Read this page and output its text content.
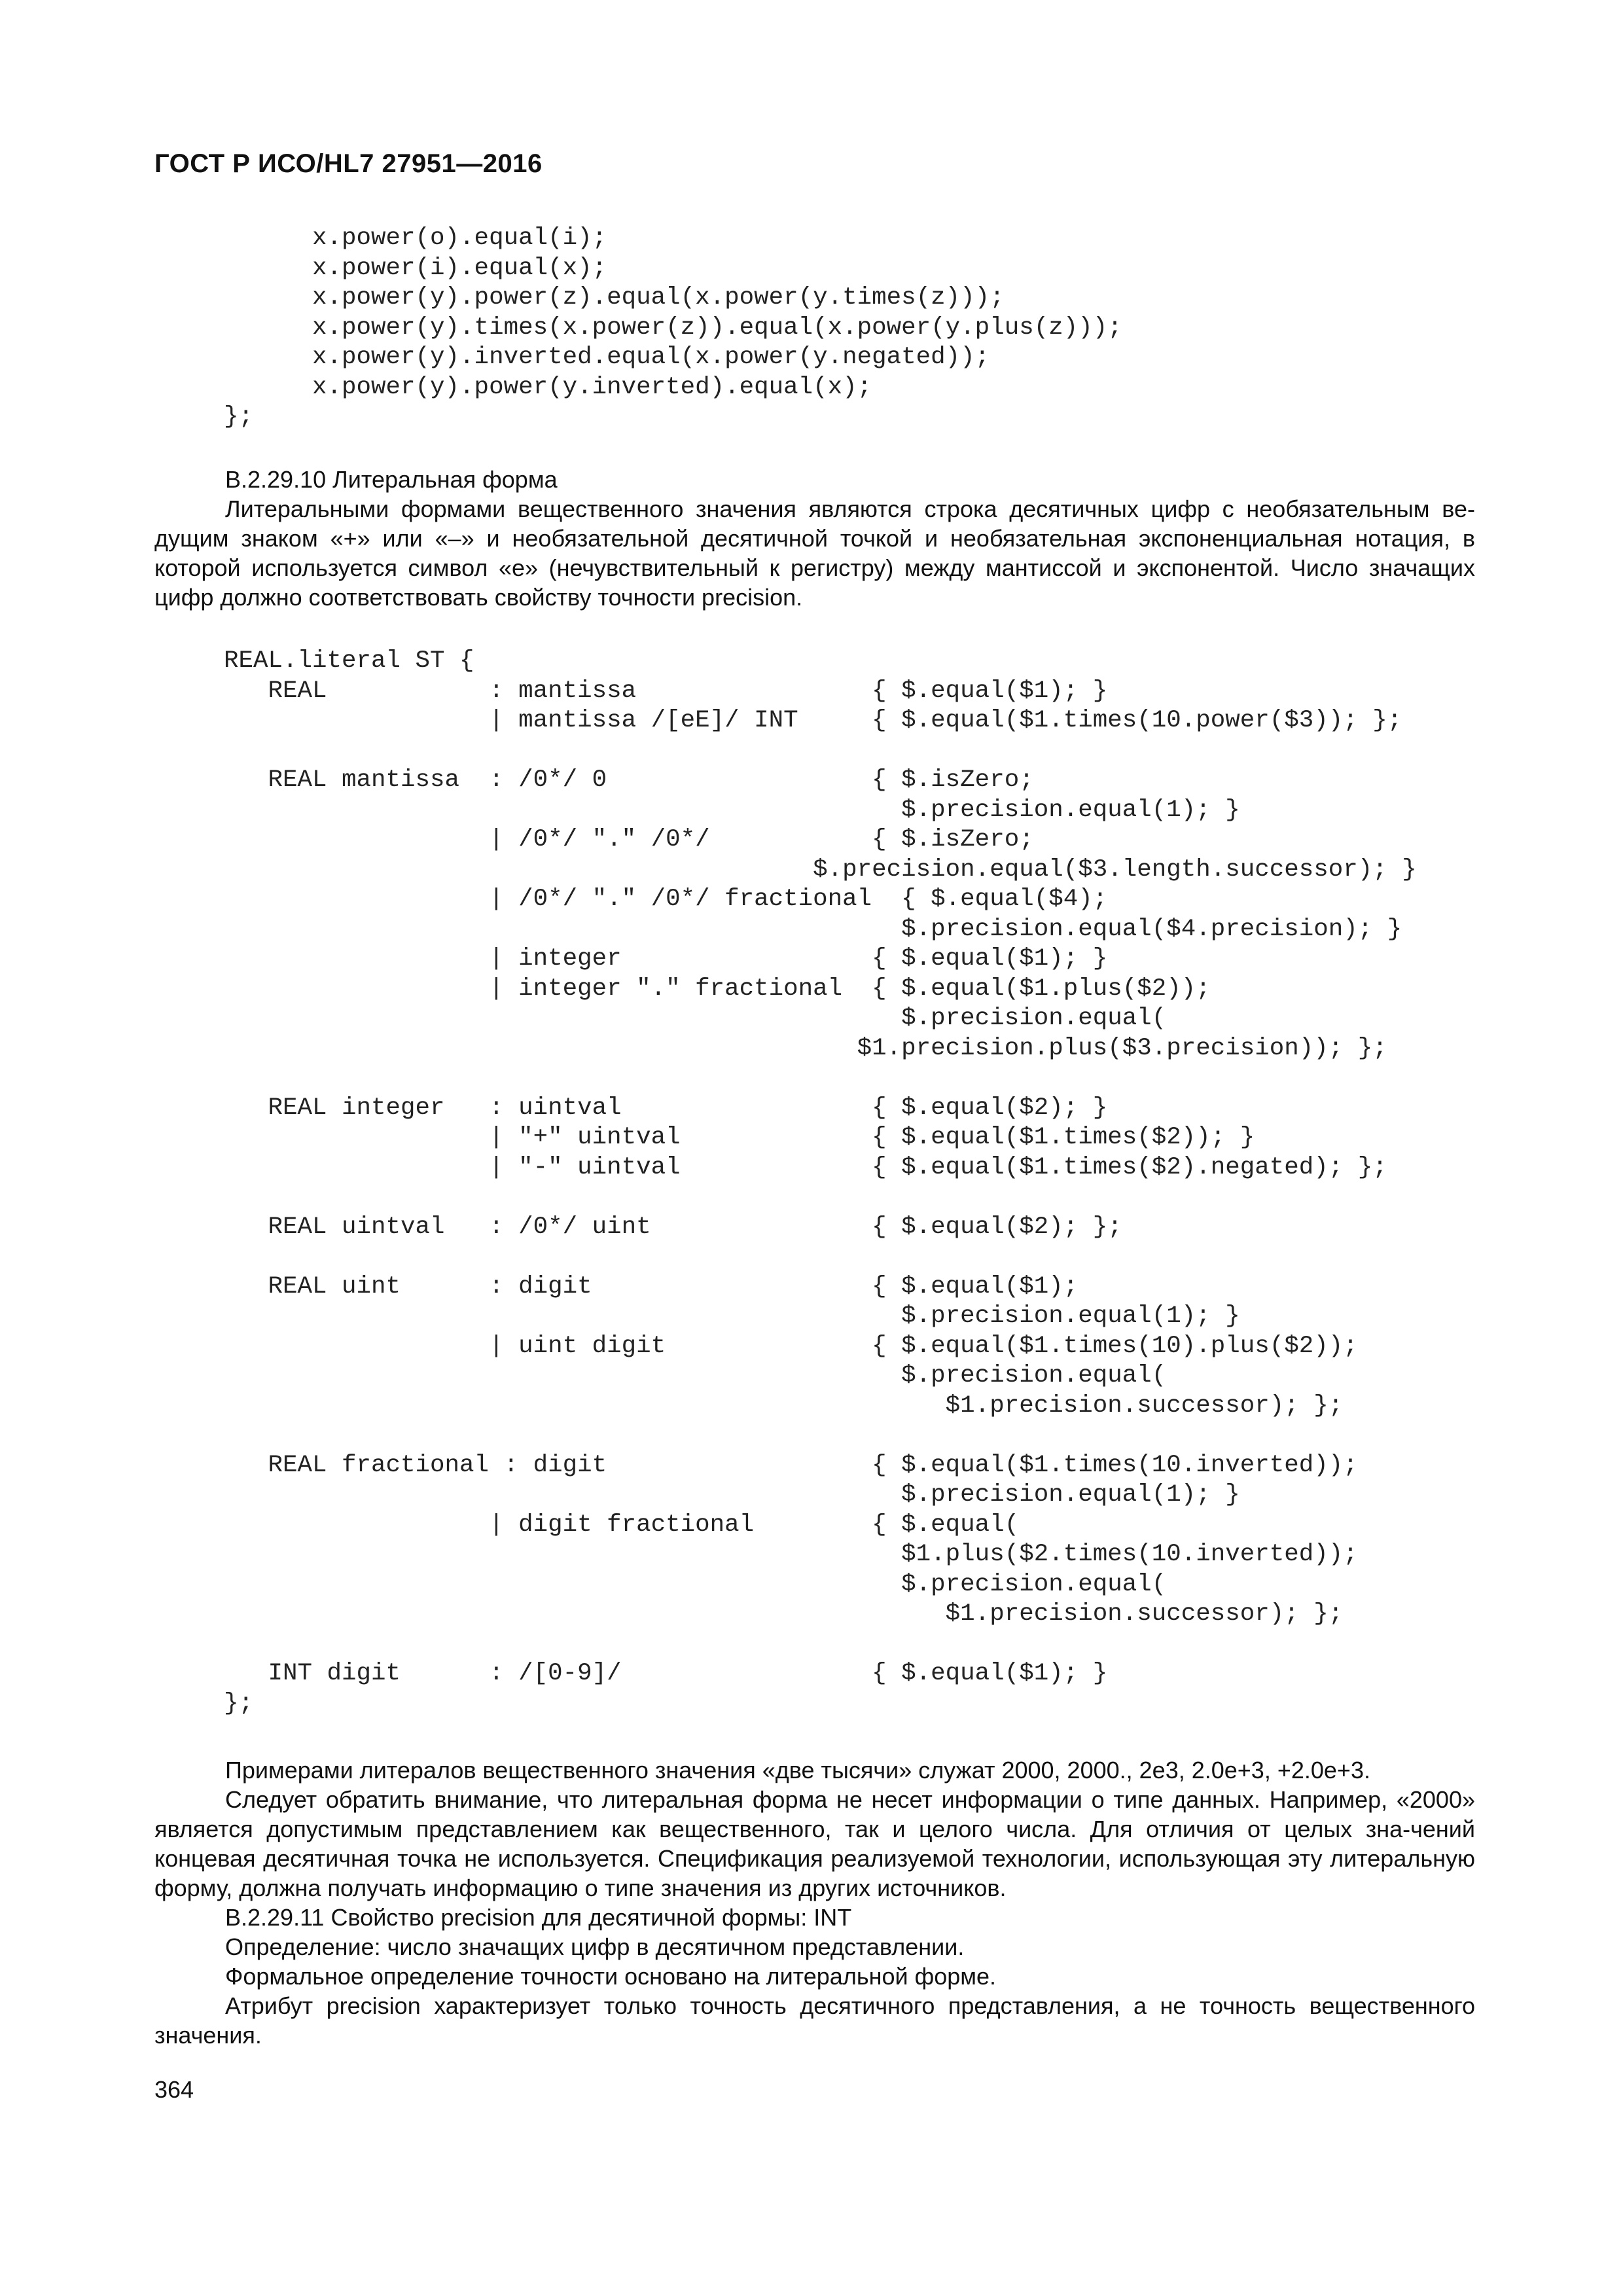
ГОСТ Р ИСО/HL7 27951—2016
x.power(o).equal(i);
x.power(i).equal(x);
x.power(y).power(z).equal(x.power(y.times(z)));
x.power(y).times(x.power(z)).equal(x.power(y.plus(z)));
x.power(y).inverted.equal(x.power(y.negated));
x.power(y).power(y.inverted).equal(x);
};

В.2.29.10 Литеральная форма

Литеральными формами вещественного значения являются строка десятичных цифр с необязательным ве-дущим знаком «+» или «–» и необязательной десятичной точкой и необязательная экспоненциальная нотация, в которой используется символ «е» (нечувствительный к регистру) между мантиссой и экспонентой. Число значащих цифр должно соответствовать свойству точности precision.

REAL.literal ST {
REAL           : mantissa                { $.equal($1); }
| mantissa /[eE]/ INT     { $.equal($1.times(10.power($3)); };

REAL mantissa  : /0*/ 0                  { $.isZero;
$.precision.equal(1); }
| /0*/ "." /0*/           { $.isZero;
$.precision.equal($3.length.successor); }
| /0*/ "." /0*/ fractional  { $.equal($4);
$.precision.equal($4.precision); }
| integer                 { $.equal($1); }
| integer "." fractional  { $.equal($1.plus($2));
$.precision.equal(
$1.precision.plus($3.precision)); };

REAL integer   : uintval                 { $.equal($2); }
| "+" uintval             { $.equal($1.times($2)); }
| "-" uintval             { $.equal($1.times($2).negated); };

REAL uintval   : /0*/ uint               { $.equal($2); };

REAL uint      : digit                   { $.equal($1);
$.precision.equal(1); }
| uint digit              { $.equal($1.times(10).plus($2));
$.precision.equal(
$1.precision.successor); };

REAL fractional : digit                  { $.equal($1.times(10.inverted));
$.precision.equal(1); }
| digit fractional        { $.equal(
$1.plus($2.times(10.inverted));
$.precision.equal(
$1.precision.successor); };

INT digit      : /[0-9]/                 { $.equal($1); }
};

Примерами литералов вещественного значения «две тысячи» служат 2000, 2000., 2e3, 2.0e+3, +2.0e+3.

Следует обратить внимание, что литеральная форма не несет информации о типе данных. Например, «2000» является допустимым представлением как вещественного, так и целого числа. Для отличия от целых зна-чений концевая десятичная точка не используется. Спецификация реализуемой технологии, использующая эту литеральную форму, должна получать информацию о типе значения из других источников.

В.2.29.11 Свойство precision для десятичной формы: INT

Определение: число значащих цифр в десятичном представлении.

Формальное определение точности основано на литеральной форме.

Атрибут precision характеризует только точность десятичного представления, а не точность вещественного значения.

364
